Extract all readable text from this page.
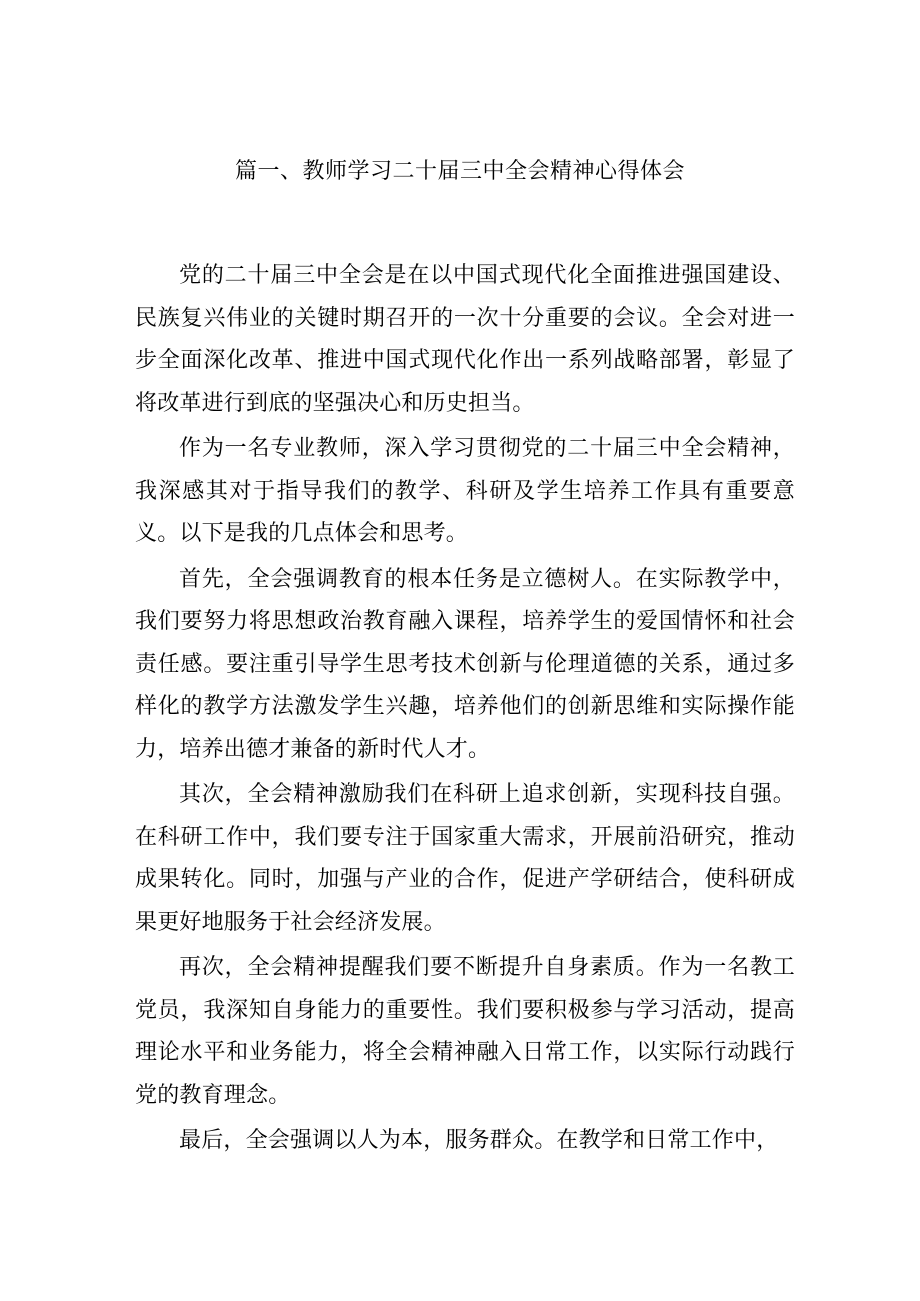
篇一、教师学习二十届三中全会精神心得体会

党的二十届三中全会是在以中国式现代化全面推进强国建设、民族复兴伟业的关键时期召开的一次十分重要的会议。全会对进一步全面深化改革、推进中国式现代化作出一系列战略部署，彰显了将改革进行到底的坚强决心和历史担当。

作为一名专业教师，深入学习贯彻党的二十届三中全会精神，我深感其对于指导我们的教学、科研及学生培养工作具有重要意义。以下是我的几点体会和思考。

首先，全会强调教育的根本任务是立德树人。在实际教学中，我们要努力将思想政治教育融入课程，培养学生的爱国情怀和社会责任感。要注重引导学生思考技术创新与伦理道德的关系，通过多样化的教学方法激发学生兴趣，培养他们的创新思维和实际操作能力，培养出德才兼备的新时代人才。

其次，全会精神激励我们在科研上追求创新，实现科技自强。在科研工作中，我们要专注于国家重大需求，开展前沿研究，推动成果转化。同时，加强与产业的合作，促进产学研结合，使科研成果更好地服务于社会经济发展。

再次，全会精神提醒我们要不断提升自身素质。作为一名教工党员，我深知自身能力的重要性。我们要积极参与学习活动，提高理论水平和业务能力，将全会精神融入日常工作，以实际行动践行党的教育理念。

最后，全会强调以人为本，服务群众。在教学和日常工作中，
